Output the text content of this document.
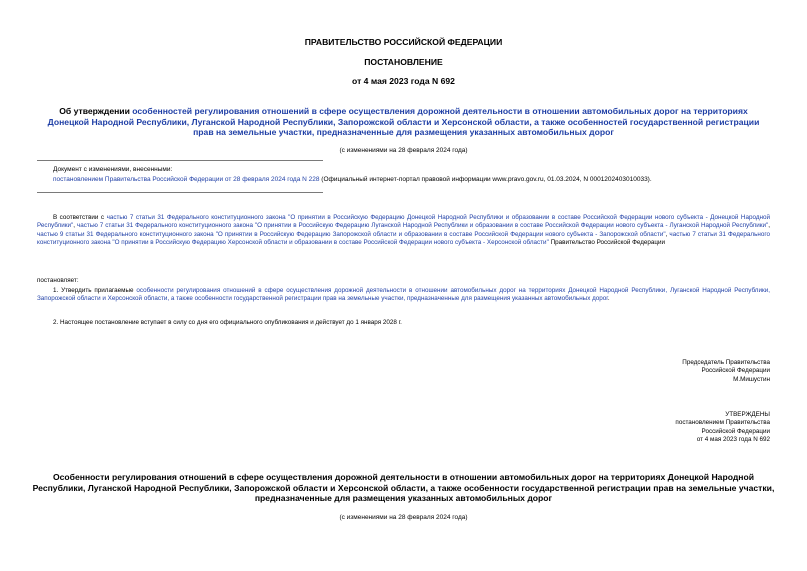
ПРАВИТЕЛЬСТВО РОССИЙСКОЙ ФЕДЕРАЦИИ
ПОСТАНОВЛЕНИЕ
от 4 мая 2023 года N 692
Об утверждении особенностей регулирования отношений в сфере осуществления дорожной деятельности в отношении автомобильных дорог на территориях Донецкой Народной Республики, Луганской Народной Республики, Запорожской области и Херсонской области, а также особенностей государственной регистрации прав на земельные участки, предназначенные для размещения указанных автомобильных дорог
(с изменениями на 28 февраля 2024 года)
Документ с изменениями, внесенными:
постановлением Правительства Российской Федерации от 28 февраля 2024 года N 228 (Официальный интернет-портал правовой информации www.pravo.gov.ru, 01.03.2024, N 0001202403010033).
В соответствии с частью 7 статьи 31 Федерального конституционного закона "О принятии в Российскую Федерацию Донецкой Народной Республики и образовании в составе Российской Федерации нового субъекта - Донецкой Народной Республики", частью 7 статьи 31 Федерального конституционного закона "О принятии в Российскую Федерацию Луганской Народной Республики и образовании в составе Российской Федерации нового субъекта - Луганской Народной Республики", частью 9 статьи 31 Федерального конституционного закона "О принятии в Российскую Федерацию Запорожской области и образовании в составе Российской Федерации нового субъекта - Запорожской области", частью 7 статьи 31 Федерального конституционного закона "О принятии в Российскую Федерацию Херсонской области и образовании в составе Российской Федерации нового субъекта - Херсонской области" Правительство Российской Федерации
постановляет:
1. Утвердить прилагаемые особенности регулирования отношений в сфере осуществления дорожной деятельности в отношении автомобильных дорог на территориях Донецкой Народной Республики, Луганской Народной Республики, Запорожской области и Херсонской области, а также особенности государственной регистрации прав на земельные участки, предназначенные для размещения указанных автомобильных дорог.
2. Настоящее постановление вступает в силу со дня его официального опубликования и действует до 1 января 2028 г.
Председатель Правительства
Российской Федерации
М.Мишустин
УТВЕРЖДЕНЫ
постановлением Правительства
Российской Федерации
от 4 мая 2023 года N 692
Особенности регулирования отношений в сфере осуществления дорожной деятельности в отношении автомобильных дорог на территориях Донецкой Народной Республики, Луганской Народной Республики, Запорожской области и Херсонской области, а также особенности государственной регистрации прав на земельные участки, предназначенные для размещения указанных автомобильных дорог
(с изменениями на 28 февраля 2024 года)
